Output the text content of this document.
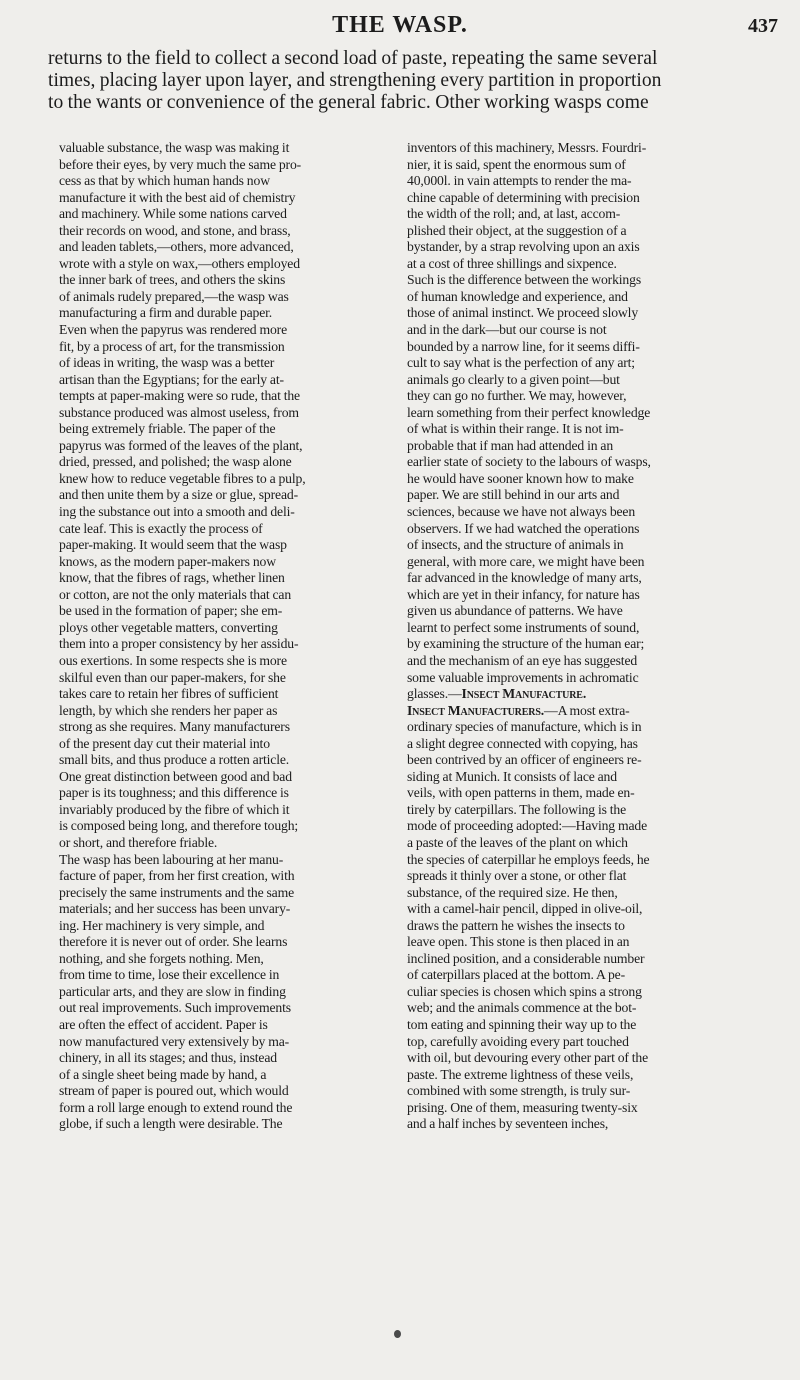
THE WASP.	437
returns to the field to collect a second load of paste, repeating the same several
times, placing layer upon layer, and strengthening every partition in proportion
to the wants or convenience of the general fabric. Other working wasps come
valuable substance, the wasp was making it
before their eyes, by very much the same pro-
cess as that by which human hands now
manufacture it with the best aid of chemistry
and machinery. While some nations carved
their records on wood, and stone, and brass,
and leaden tablets,—others, more advanced,
wrote with a style on wax,—others employed
the inner bark of trees, and others the skins
of animals rudely prepared,—the wasp was
manufacturing a firm and durable paper.
Even when the papyrus was rendered more
fit, by a process of art, for the transmission
of ideas in writing, the wasp was a better
artisan than the Egyptians; for the early at-
tempts at paper-making were so rude, that the
substance produced was almost useless, from
being extremely friable. The paper of the
papyrus was formed of the leaves of the plant,
dried, pressed, and polished; the wasp alone
knew how to reduce vegetable fibres to a pulp,
and then unite them by a size or glue, spread-
ing the substance out into a smooth and deli-
cate leaf. This is exactly the process of
paper-making. It would seem that the wasp
knows, as the modern paper-makers now
know, that the fibres of rags, whether linen
or cotton, are not the only materials that can
be used in the formation of paper; she em-
ploys other vegetable matters, converting
them into a proper consistency by her assidu-
ous exertions. In some respects she is more
skilful even than our paper-makers, for she
takes care to retain her fibres of sufficient
length, by which she renders her paper as
strong as she requires. Many manufacturers
of the present day cut their material into
small bits, and thus produce a rotten article.
One great distinction between good and bad
paper is its toughness; and this difference is
invariably produced by the fibre of which it
is composed being long, and therefore tough;
or short, and therefore friable.
The wasp has been labouring at her manu-
facture of paper, from her first creation, with
precisely the same instruments and the same
materials; and her success has been unvary-
ing. Her machinery is very simple, and
therefore it is never out of order. She learns
nothing, and she forgets nothing. Men,
from time to time, lose their excellence in
particular arts, and they are slow in finding
out real improvements. Such improvements
are often the effect of accident. Paper is
now manufactured very extensively by ma-
chinery, in all its stages; and thus, instead
of a single sheet being made by hand, a
stream of paper is poured out, which would
form a roll large enough to extend round the
globe, if such a length were desirable. The
inventors of this machinery, Messrs. Fourdri-
nier, it is said, spent the enormous sum of
40,000l. in vain attempts to render the ma-
chine capable of determining with precision
the width of the roll; and, at last, accom-
plished their object, at the suggestion of a
bystander, by a strap revolving upon an axis
at a cost of three shillings and sixpence.
Such is the difference between the workings
of human knowledge and experience, and
those of animal instinct. We proceed slowly
and in the dark—but our course is not
bounded by a narrow line, for it seems diffi-
cult to say what is the perfection of any art;
animals go clearly to a given point—but
they can go no further. We may, however,
learn something from their perfect knowledge
of what is within their range. It is not im-
probable that if man had attended in an
earlier state of society to the labours of wasps,
he would have sooner known how to make
paper. We are still behind in our arts and
sciences, because we have not always been
observers. If we had watched the operations
of insects, and the structure of animals in
general, with more care, we might have been
far advanced in the knowledge of many arts,
which are yet in their infancy, for nature has
given us abundance of patterns. We have
learnt to perfect some instruments of sound,
by examining the structure of the human ear;
and the mechanism of an eye has suggested
some valuable improvements in achromatic
glasses.—Insect Manufacture.
Insect Manufacturers.—A most extra-
ordinary species of manufacture, which is in
a slight degree connected with copying, has
been contrived by an officer of engineers re-
siding at Munich. It consists of lace and
veils, with open patterns in them, made en-
tirely by caterpillars. The following is the
mode of proceeding adopted:—Having made
a paste of the leaves of the plant on which
the species of caterpillar he employs feeds, he
spreads it thinly over a stone, or other flat
substance, of the required size. He then,
with a camel-hair pencil, dipped in olive-oil,
draws the pattern he wishes the insects to
leave open. This stone is then placed in an
inclined position, and a considerable number
of caterpillars placed at the bottom. A pe-
culiar species is chosen which spins a strong
web; and the animals commence at the bot-
tom eating and spinning their way up to the
top, carefully avoiding every part touched
with oil, but devouring every other part of the
paste. The extreme lightness of these veils,
combined with some strength, is truly sur-
prising. One of them, measuring twenty-six
and a half inches by seventeen inches,
